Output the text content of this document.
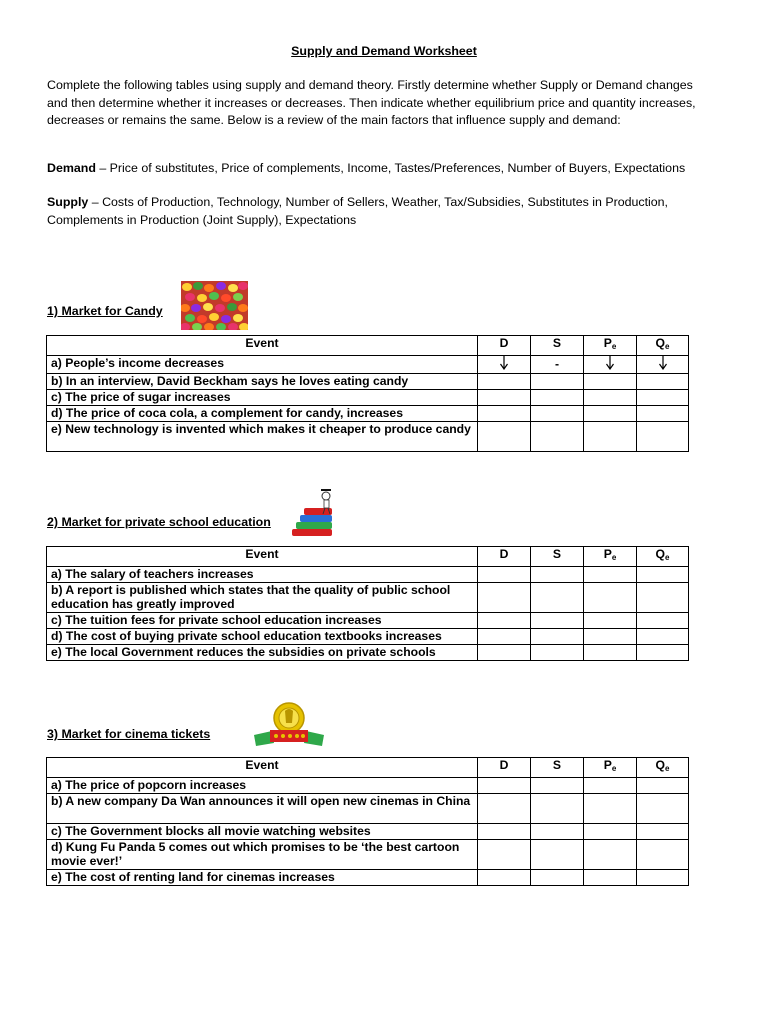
Supply and Demand Worksheet
Complete the following tables using supply and demand theory. Firstly determine whether Supply or Demand changes and then determine whether it increases or decreases. Then indicate whether equilibrium price and quantity increases, decreases or remains the same. Below is a review of the main factors that influence supply and demand:
Demand – Price of substitutes, Price of complements, Income, Tastes/Preferences, Number of Buyers, Expectations
Supply – Costs of Production, Technology, Number of Sellers, Weather, Tax/Subsidies, Substitutes in Production, Complements in Production (Joint Supply), Expectations
1) Market for Candy
Event	D	S	$P_e$	$Q_e$
a) People’s income decreases		-		
b) In an interview, David Beckham says he loves eating candy				
c) The price of sugar increases				
d) The price of coca cola, a complement for candy, increases				
e) New technology is invented which makes it cheaper to produce candy				
2) Market for private school education
Event	D	S	$P_e$	$Q_e$
a) The salary of teachers increases				
b) A report is published which states that the quality of public school education has greatly improved				
c) The tuition fees for private school education increases				
d) The cost of buying private school education textbooks increases				
e) The local Government reduces the subsidies on private schools				
3) Market for cinema tickets
Event	D	S	$P_e$	$Q_e$
a) The price of popcorn increases				
b) A new company Da Wan announces it will open new cinemas in China				
c) The Government blocks all movie watching websites				
d) Kung Fu Panda 5 comes out which promises to be ‘the best cartoon movie ever!’				
e) The cost of renting land for cinemas increases				
